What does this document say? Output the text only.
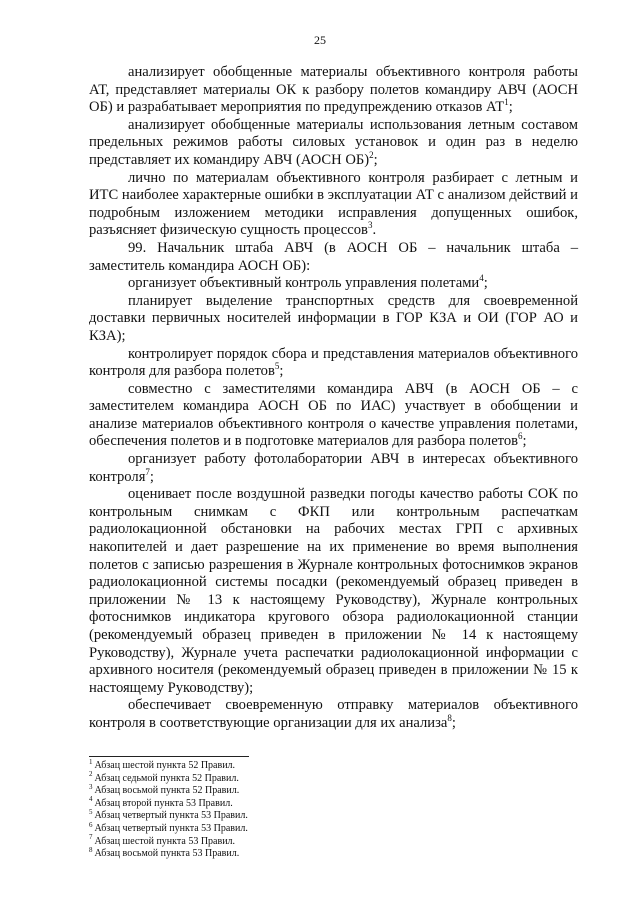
25

анализирует обобщенные материалы объективного контроля работы АТ, представляет материалы ОК к разбору полетов командиру АВЧ (АОСН ОБ) и разрабатывает мероприятия по предупреждению отказов $АТ^1$;

анализирует обобщенные материалы использования летным составом предельных режимов работы силовых установок и один раз в неделю представляет их командиру АВЧ (АОСН ОБ)$^2$;

лично по материалам объективного контроля разбирает с летным и ИТС наиболее характерные ошибки в эксплуатации АТ с анализом действий и подробным изложением методики исправления допущенных ошибок, разъясняет физическую сущность процессов$^3$.

99. Начальник штаба АВЧ (в АОСН ОБ – начальник штаба – заместитель командира АОСН ОБ):

организует объективный контроль управления полетами$^4$;

планирует выделение транспортных средств для своевременной доставки первичных носителей информации в ГОР КЗА и ОИ (ГОР АО и КЗА);

контролирует порядок сбора и представления материалов объективного контроля для разбора полетов$^5$;

совместно с заместителями командира АВЧ (в АОСН ОБ – с заместителем командира АОСН ОБ по ИАС) участвует в обобщении и анализе материалов объективного контроля о качестве управления полетами, обеспечения полетов и в подготовке материалов для разбора полетов$^6$;

организует работу фотолаборатории АВЧ в интересах объективного контроля$^7$;

оценивает после воздушной разведки погоды качество работы СОК по контрольным снимкам с ФКП или контрольным распечаткам радиолокационной обстановки на рабочих местах ГРП с архивных накопителей и дает разрешение на их применение во время выполнения полетов с записью разрешения в Журнале контрольных фотоснимков экранов радиолокационной системы посадки (рекомендуемый образец приведен в приложении № 13 к настоящему Руководству), Журнале контрольных фотоснимков индикатора кругового обзора радиолокационной станции (рекомендуемый образец приведен в приложении № 14 к настоящему Руководству), Журнале учета распечатки радиолокационной информации с архивного носителя (рекомендуемый образец приведен в приложении № 15 к настоящему Руководству);

обеспечивает своевременную отправку материалов объективного контроля в соответствующие организации для их анализа$^8$;

$^1$ Абзац шестой пункта 52 Правил.

$^2$ Абзац седьмой пункта 52 Правил.

$^3$ Абзац восьмой пункта 52 Правил.

$^4$ Абзац второй пункта 53 Правил.

$^5$ Абзац четвертый пункта 53 Правил.

$^6$ Абзац четвертый пункта 53 Правил.

$^7$ Абзац шестой пункта 53 Правил.

$^8$ Абзац восьмой пункта 53 Правил.
